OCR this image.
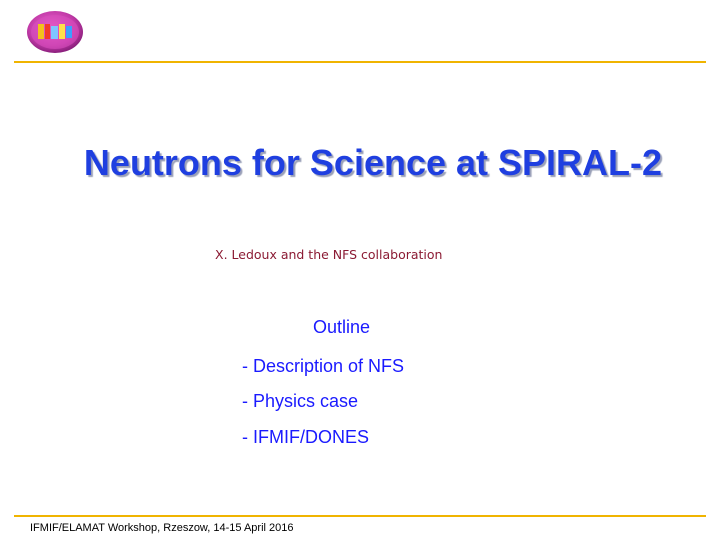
Neutrons for Science at SPIRAL-2
X. Ledoux and the NFS collaboration
Outline
- Description of NFS
- Physics case
- IFMIF/DONES
IFMIF/ELAMAT Workshop, Rzeszow, 14-15 April 2016
